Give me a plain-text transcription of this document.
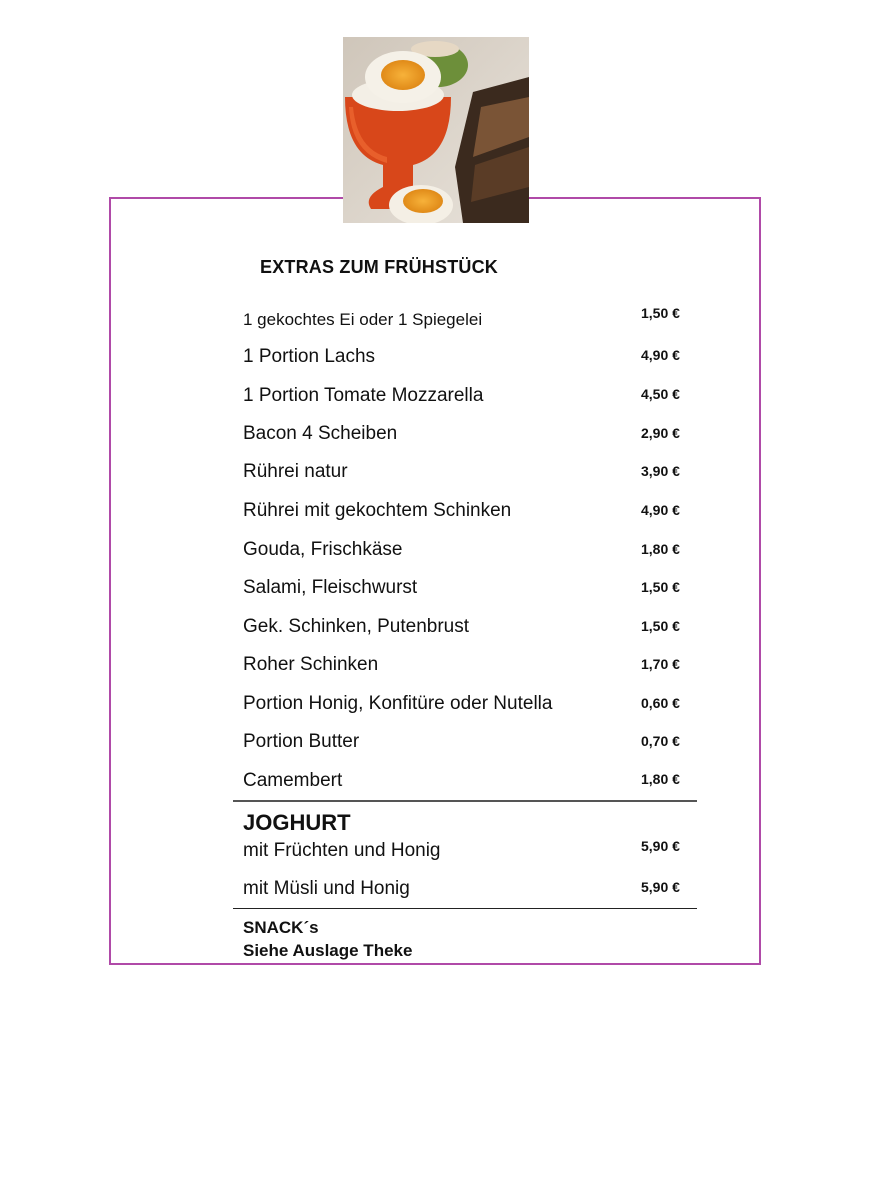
EXTRAS ZUM FRÜHSTÜCK
1 gekochtes Ei oder 1 Spiegelei	1,50 €
1 Portion Lachs	4,90 €
1 Portion Tomate Mozzarella	4,50 €
Bacon 4 Scheiben	2,90 €
Rührei natur	3,90 €
Rührei mit gekochtem Schinken	4,90 €
Gouda, Frischkäse	1,80 €
Salami, Fleischwurst	1,50 €
Gek. Schinken, Putenbrust	1,50 €
Roher Schinken	1,70 €
Portion Honig, Konfitüre oder Nutella	0,60 €
Portion Butter	0,70 €
Camembert	1,80 €
JOGHURT
mit Früchten und Honig	5,90 €
mit Müsli und Honig	5,90 €
SNACK´s
Siehe Auslage Theke
